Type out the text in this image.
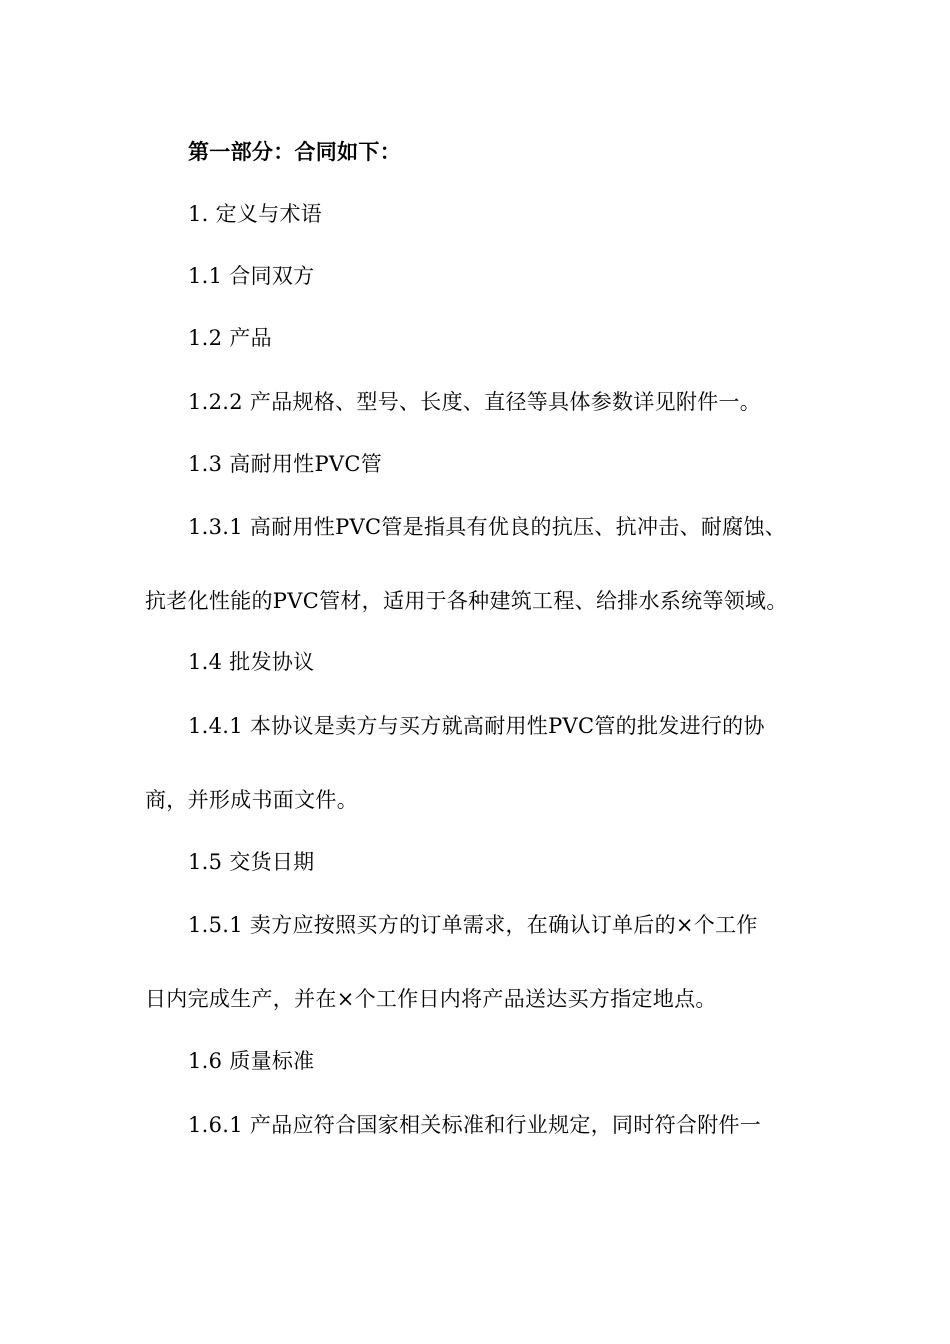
第一部分：合同如下：
1. 定义与术语
1.1 合同双方
1.2 产品
1.2.2 产品规格、型号、长度、直径等具体参数详见附件一。
1.3 高耐用性PVC管
1.3.1 高耐用性PVC管是指具有优良的抗压、抗冲击、耐腐蚀、
抗老化性能的PVC管材，适用于各种建筑工程、给排水系统等领域。
1.4 批发协议
1.4.1 本协议是卖方与买方就高耐用性PVC管的批发进行的协
商，并形成书面文件。
1.5 交货日期
1.5.1 卖方应按照买方的订单需求，在确认订单后的×个工作
日内完成生产，并在×个工作日内将产品送达买方指定地点。
1.6 质量标准
1.6.1 产品应符合国家相关标准和行业规定，同时符合附件一
